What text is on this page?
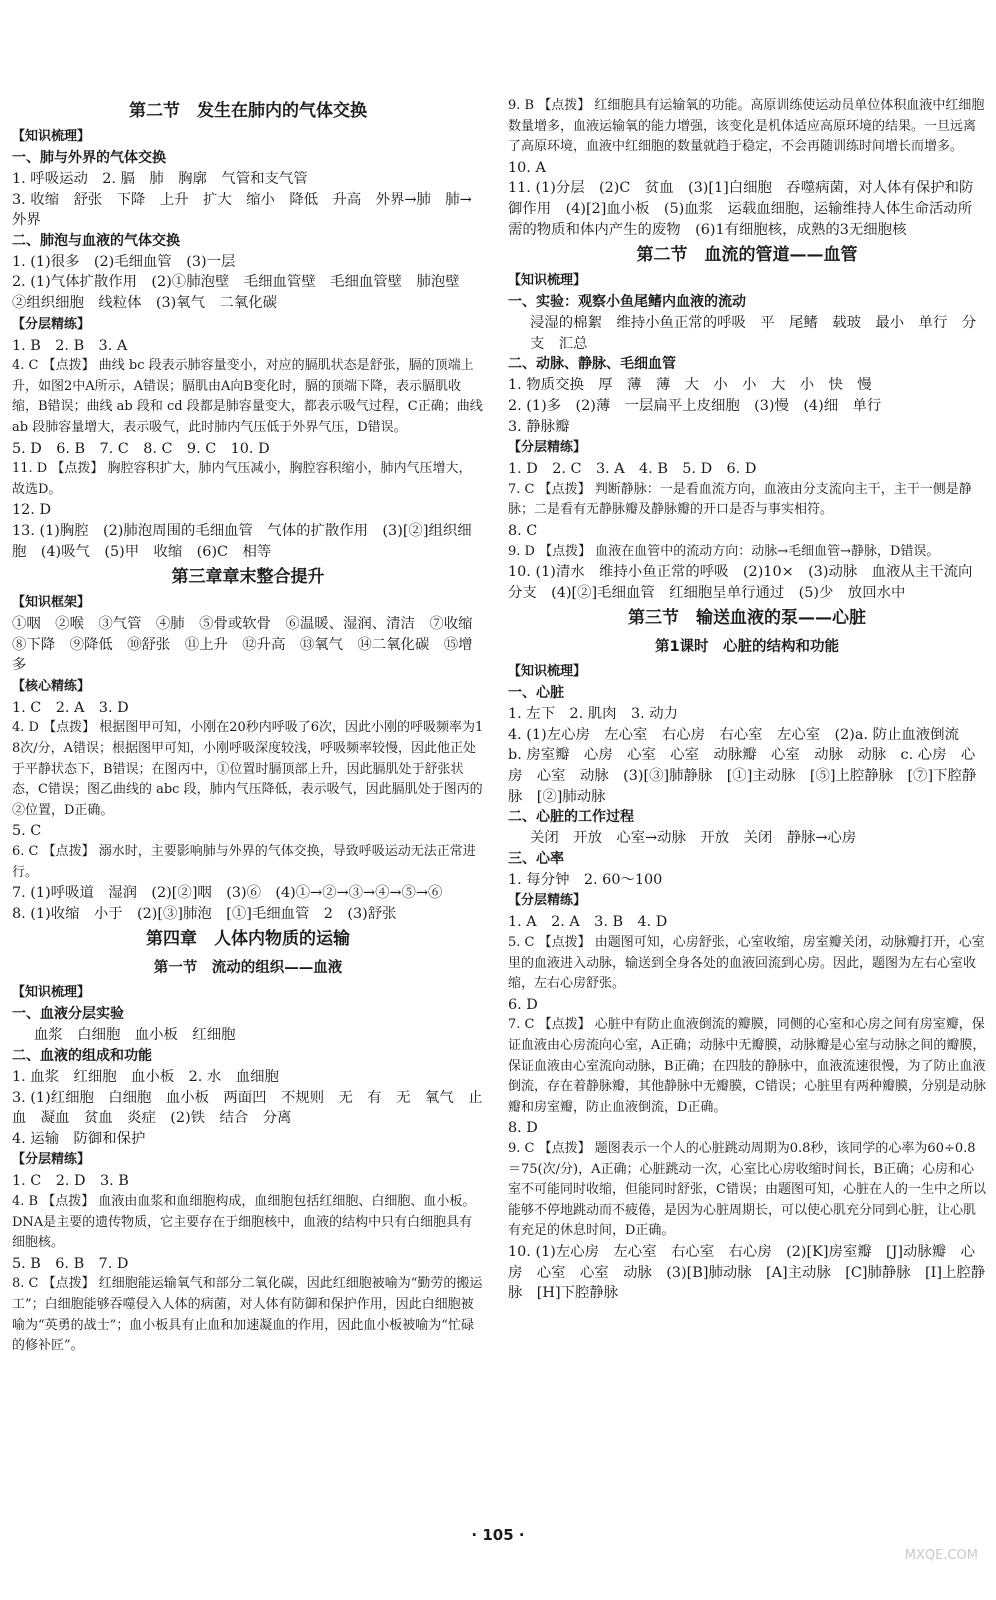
第二节　发生在肺内的气体交换
【知识梳理】
一、肺与外界的气体交换
1. 呼吸运动　2. 膈　肺　胸廓　气管和支气管
3. 收缩　舒张　下降　上升　扩大　缩小　降低　升高　外界→肺　肺→外界
二、肺泡与血液的气体交换
1. (1)很多　(2)毛细血管　(3)一层
2. (1)气体扩散作用　(2)①肺泡壁　毛细血管壁　毛细血管壁　肺泡壁　②组织细胞　线粒体　(3)氧气　二氧化碳
【分层精练】
1. B　2. B　3. A
4. C 【点拨】 曲线 bc 段表示肺容量变小，对应的膈肌状态是舒张，膈的顶端上升，如图2中A所示，A错误；膈肌由A向B变化时，膈的顶端下降，表示膈肌收缩，B错误；曲线 ab 段和 cd 段都是肺容量变大，都表示吸气过程，C正确；曲线 ab 段肺容量增大，表示吸气，此时肺内气压低于外界气压，D错误。
5. D　6. B　7. C　8. C　9. C　10. D
11. D 【点拨】 胸腔容积扩大，肺内气压减小，胸腔容积缩小，肺内气压增大，故选D。
12. D
13. (1)胸腔　(2)肺泡周围的毛细血管　气体的扩散作用　(3)[②]组织细胞　(4)吸气　(5)甲　收缩　(6)C　相等
第三章章末整合提升
【知识框架】
①咽　②喉　③气管　④肺　⑤骨或软骨　⑥温暖、湿润、清洁　⑦收缩　⑧下降　⑨降低　⑩舒张　⑪上升　⑫升高　⑬氧气　⑭二氧化碳　⑮增多
【核心精练】
1. C　2. A　3. D
4. D 【点拨】 根据图甲可知，小刚在20秒内呼吸了6次，因此小刚的呼吸频率为18次/分，A错误；根据图甲可知，小刚呼吸深度较浅，呼吸频率较慢，因此他正处于平静状态下，B错误；在图丙中，①位置时膈顶部上升，因此膈肌处于舒张状态，C错误；图乙曲线的 abc 段，肺内气压降低，表示吸气，因此膈肌处于图丙的②位置，D正确。
5. C
6. C 【点拨】 溺水时，主要影响肺与外界的气体交换，导致呼吸运动无法正常进行。
7. (1)呼吸道　湿润　(2)[②]咽　(3)⑥　(4)①→②→③→④→⑤→⑥
8. (1)收缩　小于　(2)[③]肺泡　[①]毛细血管　2　(3)舒张
第四章　人体内物质的运输
第一节　流动的组织——血液
【知识梳理】
一、血液分层实验
血浆　白细胞　血小板　红细胞
二、血液的组成和功能
1. 血浆　红细胞　血小板　2. 水　血细胞
3. (1)红细胞　白细胞　血小板　两面凹　不规则　无　有　无　氧气　止血　凝血　贫血　炎症　(2)铁　结合　分离
4. 运输　防御和保护
【分层精练】
1. C　2. D　3. B
4. B 【点拨】 血液由血浆和血细胞构成，血细胞包括红细胞、白细胞、血小板。DNA是主要的遗传物质，它主要存在于细胞核中，血液的结构中只有白细胞具有细胞核。
5. B　6. B　7. D
8. C 【点拨】 红细胞能运输氧气和部分二氧化碳，因此红细胞被喻为“勤劳的搬运工”；白细胞能够吞噬侵入人体的病菌，对人体有防御和保护作用，因此白细胞被喻为“英勇的战士”；血小板具有止血和加速凝血的作用，因此血小板被喻为“忙碌的修补匠”。
9. B 【点拨】 红细胞具有运输氧的功能。高原训练使运动员单位体积血液中红细胞数量增多，血液运输氧的能力增强，该变化是机体适应高原环境的结果。一旦远离了高原环境，血液中红细胞的数量就趋于稳定，不会再随训练时间增长而增多。
10. A
11. (1)分层　(2)C　贫血　(3)[1]白细胞　吞噬病菌，对人体有保护和防御作用　(4)[2]血小板　(5)血浆　运载血细胞，运输维持人体生命活动所需的物质和体内产生的废物　(6)1有细胞核，成熟的3无细胞核
第二节　血流的管道——血管
【知识梳理】
一、实验：观察小鱼尾鳍内血液的流动
浸湿的棉絮　维持小鱼正常的呼吸　平　尾鳍　载玻　最小　单行　分支　汇总
二、动脉、静脉、毛细血管
1. 物质交换　厚　薄　薄　大　小　小　大　小　快　慢
2. (1)多　(2)薄　一层扁平上皮细胞　(3)慢　(4)细　单行
3. 静脉瓣
【分层精练】
1. D　2. C　3. A　4. B　5. D　6. D
7. C 【点拨】 判断静脉：一是看血流方向，血液由分支流向主干，主干一侧是静脉；二是看有无静脉瓣及静脉瓣的开口是否与事实相符。
8. C
9. D 【点拨】 血液在血管中的流动方向：动脉→毛细血管→静脉，D错误。
10. (1)清水　维持小鱼正常的呼吸　(2)10×　(3)动脉　血液从主干流向分支　(4)[②]毛细血管　红细胞呈单行通过　(5)少　放回水中
第三节　输送血液的泵——心脏
第1课时　心脏的结构和功能
【知识梳理】
一、心脏
1. 左下　2. 肌肉　3. 动力
4. (1)左心房　左心室　右心房　右心室　左心室　(2)a. 防止血液倒流　b. 房室瓣　心房　心室　心室　动脉瓣　心室　动脉　动脉　c. 心房　心房　心室　动脉　(3)[③]肺静脉　[①]主动脉　[⑤]上腔静脉　[⑦]下腔静脉　[②]肺动脉
二、心脏的工作过程
关闭　开放　心室→动脉　开放　关闭　静脉→心房
三、心率
1. 每分钟　2. 60～100
【分层精练】
1. A　2. A　3. B　4. D
5. C 【点拨】 由题图可知，心房舒张，心室收缩，房室瓣关闭，动脉瓣打开，心室里的血液进入动脉，输送到全身各处的血液回流到心房。因此，题图为左右心室收缩，左右心房舒张。
6. D
7. C 【点拨】 心脏中有防止血液倒流的瓣膜，同侧的心室和心房之间有房室瓣，保证血液由心房流向心室，A正确；动脉中无瓣膜，动脉瓣是心室与动脉之间的瓣膜，保证血液由心室流向动脉，B正确；在四肢的静脉中，血液流速很慢，为了防止血液倒流，存在着静脉瓣，其他静脉中无瓣膜，C错误；心脏里有两种瓣膜，分别是动脉瓣和房室瓣，防止血液倒流，D正确。
8. D
9. C 【点拨】 题图表示一个人的心脏跳动周期为0.8秒，该同学的心率为60÷0.8＝75(次/分)，A正确；心脏跳动一次，心室比心房收缩时间长，B正确；心房和心室不可能同时收缩，但能同时舒张，C错误；由题图可知，心脏在人的一生中之所以能够不停地跳动而不疲倦，是因为心脏周期长，可以使心肌充分同到心脏，让心肌有充足的休息时间，D正确。
10. (1)左心房　左心室　右心室　右心房　(2)[K]房室瓣　[J]动脉瓣　心房　心室　心室　动脉　(3)[B]肺动脉　[A]主动脉　[C]肺静脉　[I]上腔静脉　[H]下腔静脉
· 105 ·
MXQE.COM
